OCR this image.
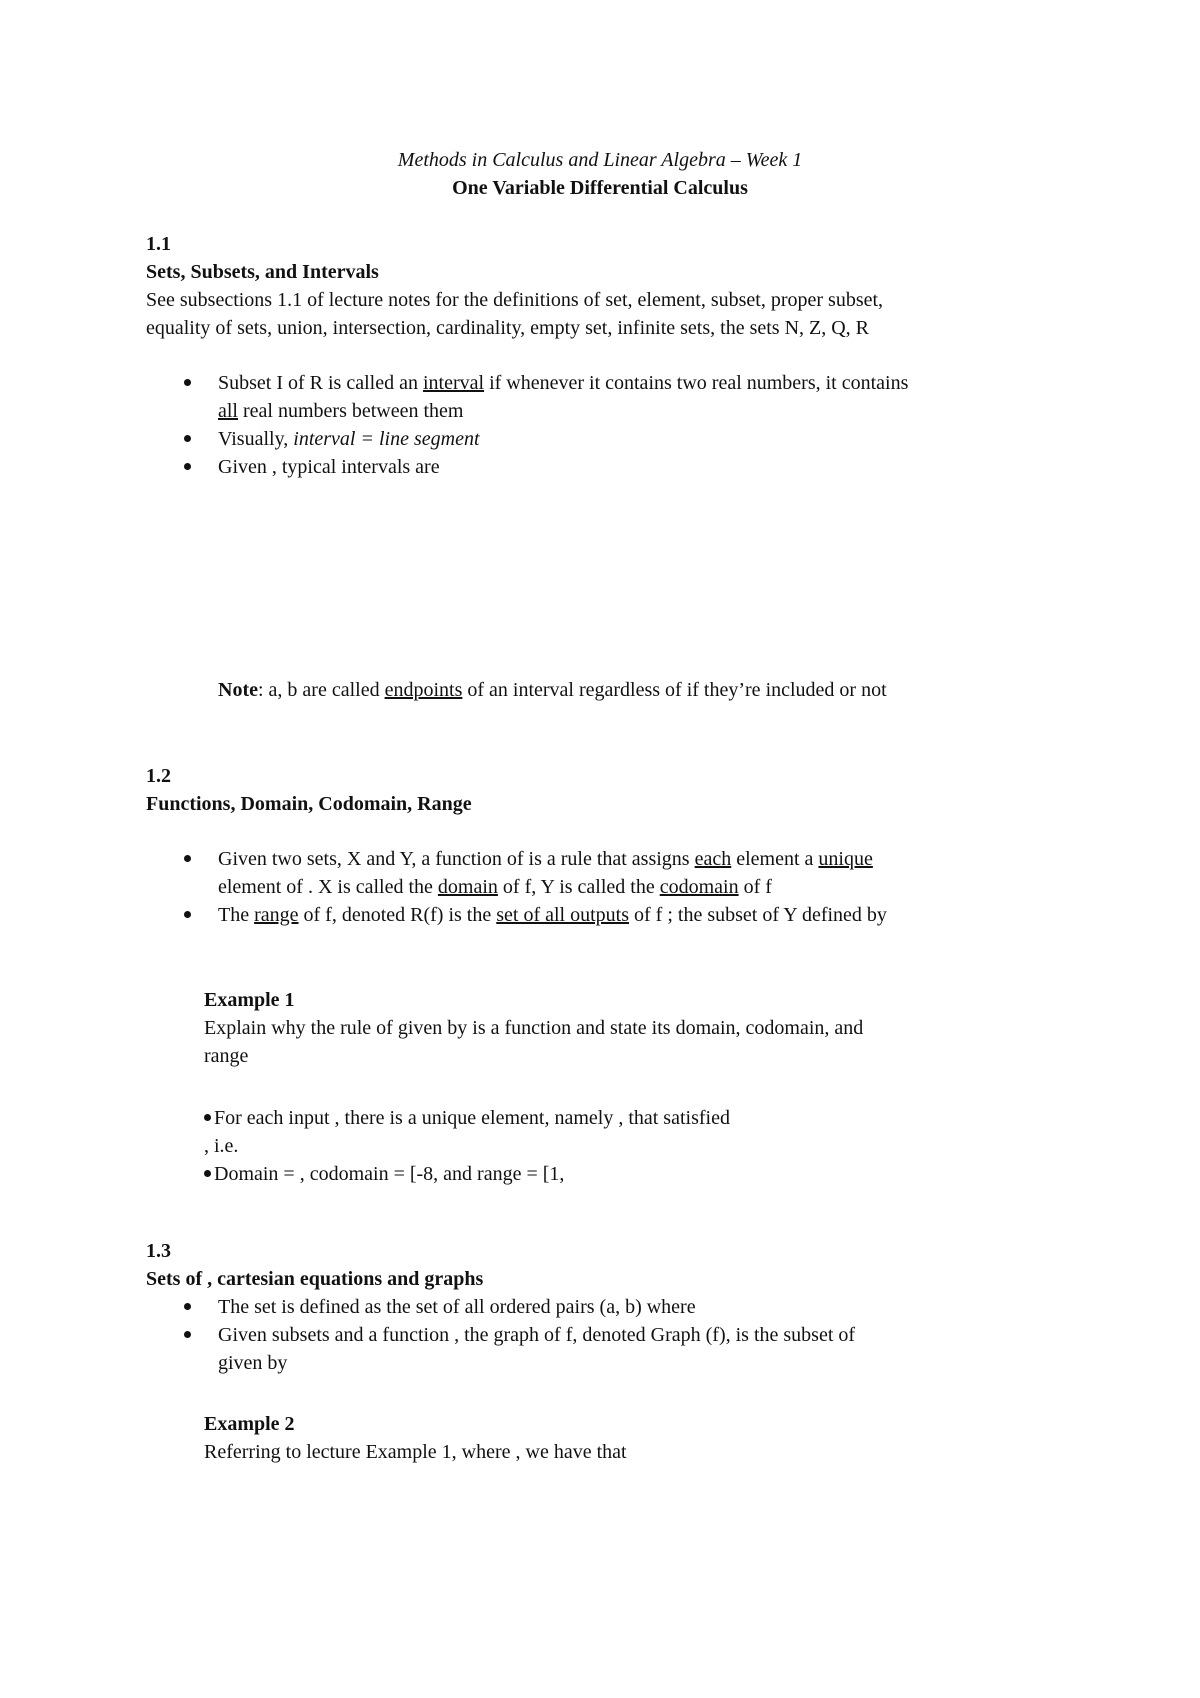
Methods in Calculus and Linear Algebra – Week 1
One Variable Differential Calculus
1.1
Sets, Subsets, and Intervals
See subsections 1.1 of lecture notes for the definitions of set, element, subset, proper subset,
equality of sets, union, intersection, cardinality, empty set, infinite sets, the sets N, Z, Q, R
Subset I of R is called an interval if whenever it contains two real numbers, it contains
all real numbers between them
Visually, interval = line segment
Given , typical intervals are
Note: a, b are called endpoints of an interval regardless of if they’re included or not
1.2
Functions, Domain, Codomain, Range
Given two sets, X and Y, a function of is a rule that assigns each element a unique
element of . X is called the domain of f, Y is called the codomain of f
The range of f, denoted R(f) is the set of all outputs of f ; the subset of Y defined by
Example 1
Explain why the rule of given by is a function and state its domain, codomain, and
range
For each input , there is a unique element, namely , that satisfied
, i.e.
Domain = , codomain = [-8, and range = [1,
1.3
Sets of , cartesian equations and graphs
The set is defined as the set of all ordered pairs (a, b) where
Given subsets and a function , the graph of f, denoted Graph (f), is the subset of
given by
Example 2
Referring to lecture Example 1, where , we have that
